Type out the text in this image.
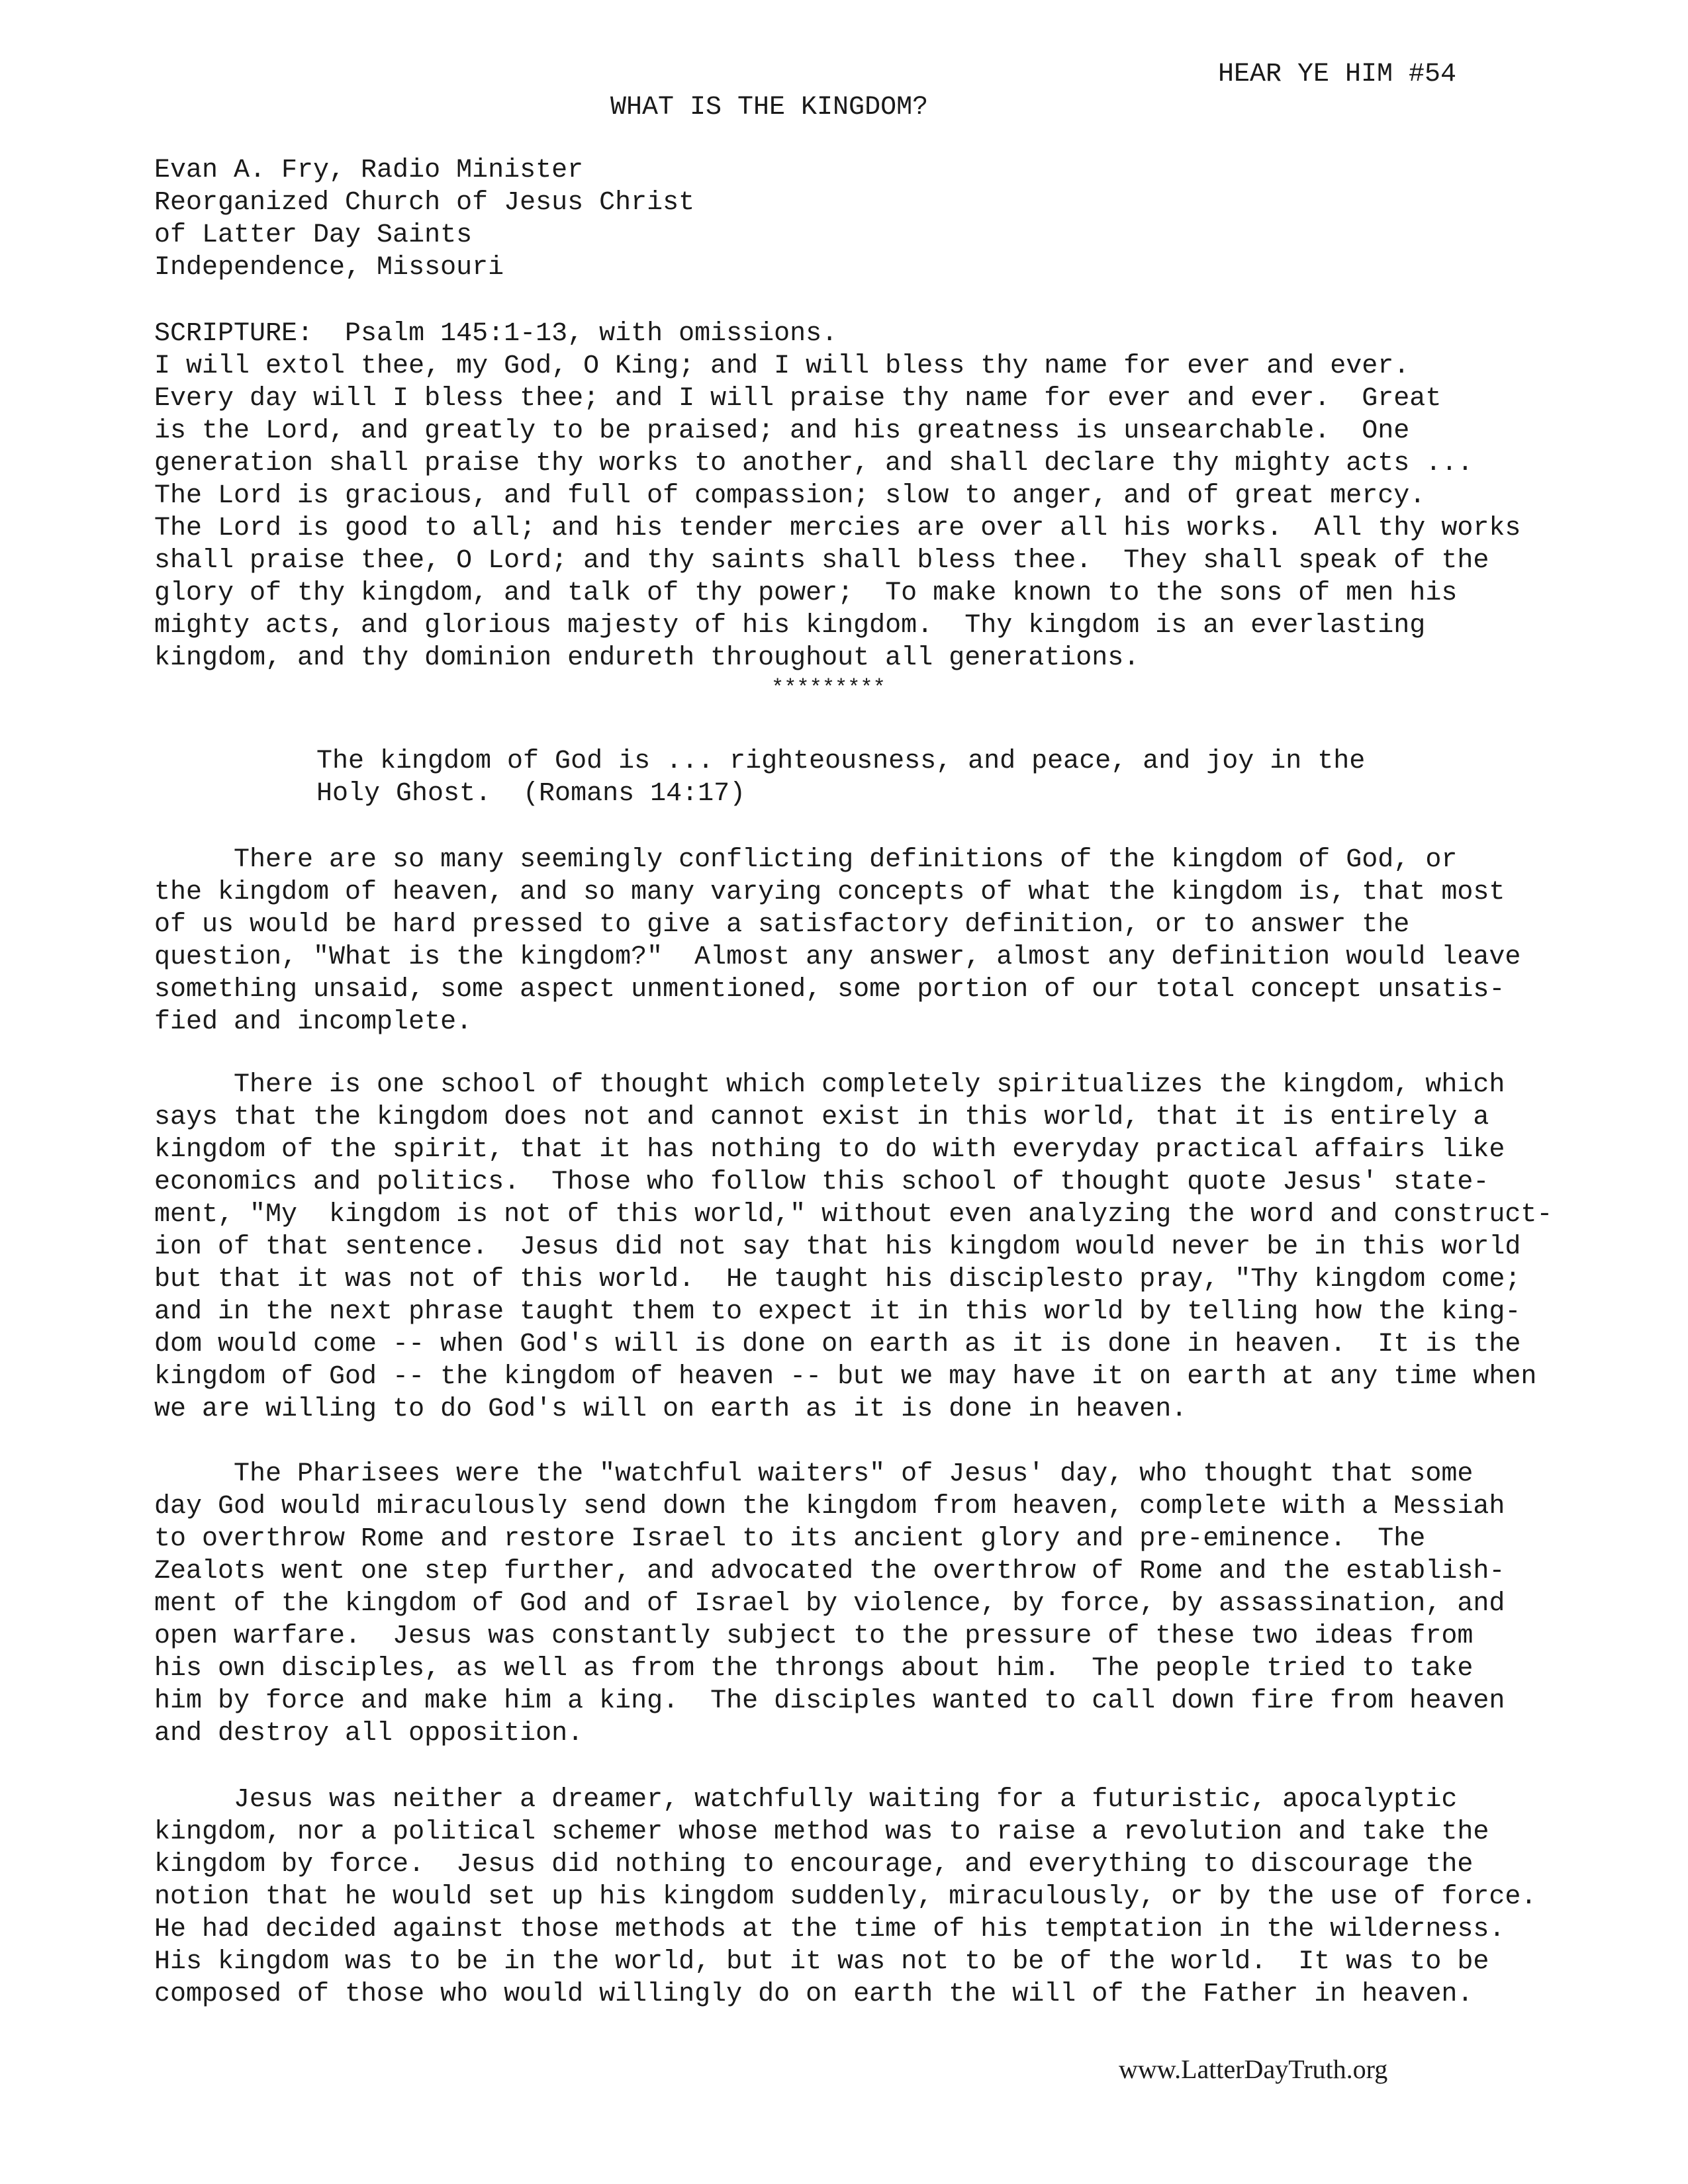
HEAR YE HIM #54
WHAT IS THE KINGDOM?
Evan A. Fry, Radio Minister
Reorganized Church of Jesus Christ
of Latter Day Saints
Independence, Missouri
SCRIPTURE:  Psalm 145:1-13, with omissions.
I will extol thee, my God, O King; and I will bless thy name for ever and ever.
Every day will I bless thee; and I will praise thy name for ever and ever.  Great
is the Lord, and greatly to be praised; and his greatness is unsearchable.  One
generation shall praise thy works to another, and shall declare thy mighty acts ...
The Lord is gracious, and full of compassion; slow to anger, and of great mercy.
The Lord is good to all; and his tender mercies are over all his works.  All thy works
shall praise thee, O Lord; and thy saints shall bless thee.  They shall speak of the
glory of thy kingdom, and talk of thy power;  To make known to the sons of men his
mighty acts, and glorious majesty of his kingdom.  Thy kingdom is an everlasting
kingdom, and thy dominion endureth throughout all generations.
*********
The kingdom of God is ... righteousness, and peace, and joy in the
Holy Ghost.  (Romans 14:17)
There are so many seemingly conflicting definitions of the kingdom of God, or
the kingdom of heaven, and so many varying concepts of what the kingdom is, that most
of us would be hard pressed to give a satisfactory definition, or to answer the
question, "What is the kingdom?"  Almost any answer, almost any definition would leave
something unsaid, some aspect unmentioned, some portion of our total concept unsatis-
fied and incomplete.
There is one school of thought which completely spiritualizes the kingdom, which
says that the kingdom does not and cannot exist in this world, that it is entirely a
kingdom of the spirit, that it has nothing to do with everyday practical affairs like
economics and politics.  Those who follow this school of thought quote Jesus' state-
ment, "My  kingdom is not of this world," without even analyzing the word and construct-
ion of that sentence.  Jesus did not say that his kingdom would never be in this world
but that it was not of this world.  He taught his disciplesto pray, "Thy kingdom come;
and in the next phrase taught them to expect it in this world by telling how the king-
dom would come -- when God's will is done on earth as it is done in heaven.  It is the
kingdom of God -- the kingdom of heaven -- but we may have it on earth at any time when
we are willing to do God's will on earth as it is done in heaven.
The Pharisees were the "watchful waiters" of Jesus' day, who thought that some
day God would miraculously send down the kingdom from heaven, complete with a Messiah
to overthrow Rome and restore Israel to its ancient glory and pre-eminence.  The
Zealots went one step further, and advocated the overthrow of Rome and the establish-
ment of the kingdom of God and of Israel by violence, by force, by assassination, and
open warfare.  Jesus was constantly subject to the pressure of these two ideas from
his own disciples, as well as from the throngs about him.  The people tried to take
him by force and make him a king.  The disciples wanted to call down fire from heaven
and destroy all opposition.
Jesus was neither a dreamer, watchfully waiting for a futuristic, apocalyptic
kingdom, nor a political schemer whose method was to raise a revolution and take the
kingdom by force.  Jesus did nothing to encourage, and everything to discourage the
notion that he would set up his kingdom suddenly, miraculously, or by the use of force.
He had decided against those methods at the time of his temptation in the wilderness.
His kingdom was to be in the world, but it was not to be of the world.  It was to be
composed of those who would willingly do on earth the will of the Father in heaven.
www.LatterDayTruth.org
